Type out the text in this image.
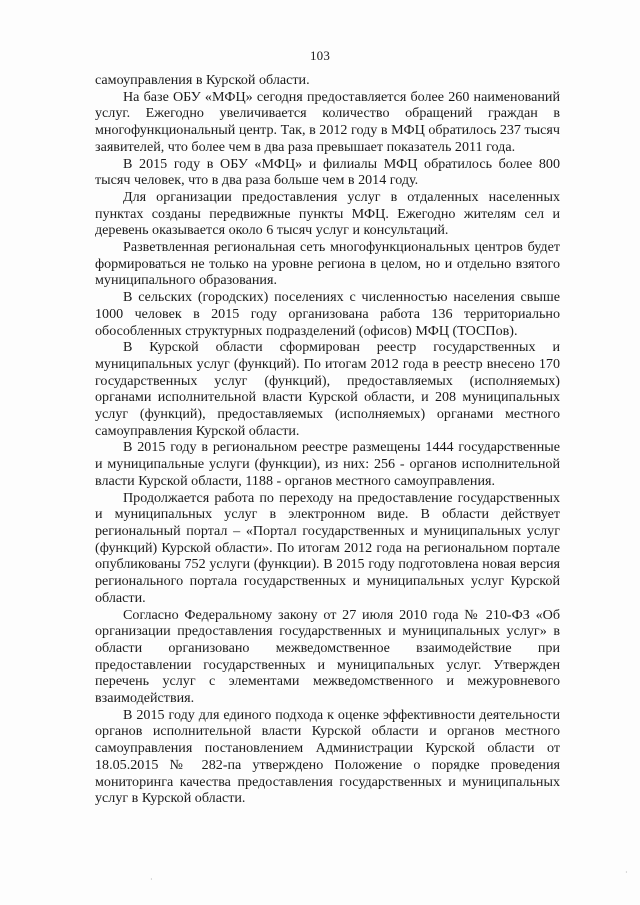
103

самоуправления в Курской области.

На базе ОБУ «МФЦ» сегодня предоставляется более 260 наименований услуг. Ежегодно увеличивается количество обращений граждан в многофункциональный центр. Так, в 2012 году в МФЦ обратилось 237 тысяч заявителей, что более чем в два раза превышает показатель 2011 года.

В 2015 году в ОБУ «МФЦ» и филиалы МФЦ обратилось более 800 тысяч человек, что в два раза больше чем в 2014 году.

Для организации предоставления услуг в отдаленных населенных пунктах созданы передвижные пункты МФЦ. Ежегодно жителям сел и деревень оказывается около 6 тысяч услуг и консультаций.

Разветвленная региональная сеть многофункциональных центров будет формироваться не только на уровне региона в целом, но и отдельно взятого муниципального образования.

В сельских (городских) поселениях с численностью населения свыше 1000 человек в 2015 году организована работа 136 территориально обособленных структурных подразделений (офисов) МФЦ (ТОСПов).

В Курской области сформирован реестр государственных и муниципальных услуг (функций). По итогам 2012 года в реестр внесено 170 государственных услуг (функций), предоставляемых (исполняемых) органами исполнительной власти Курской области, и 208 муниципальных услуг (функций), предоставляемых (исполняемых) органами местного самоуправления Курской области.

В 2015 году в региональном реестре размещены 1444 государственные и муниципальные услуги (функции), из них: 256 - органов исполнительной власти Курской области, 1188 - органов местного самоуправления.

Продолжается работа по переходу на предоставление государственных и муниципальных услуг в электронном виде. В области действует региональный портал – «Портал государственных и муниципальных услуг (функций) Курской области». По итогам 2012 года на региональном портале опубликованы 752 услуги (функции). В 2015 году подготовлена новая версия регионального портала государственных и муниципальных услуг Курской области.

Согласно Федеральному закону от 27 июля 2010 года № 210-ФЗ «Об организации предоставления государственных и муниципальных услуг» в области организовано межведомственное взаимодействие при предоставлении государственных и муниципальных услуг. Утвержден перечень услуг с элементами межведомственного и межуровневого взаимодействия.

В 2015 году для единого подхода к оценке эффективности деятельности органов исполнительной власти Курской области и органов местного самоуправления постановлением Администрации Курской области от 18.05.2015 № 282-па утверждено Положение о порядке проведения мониторинга качества предоставления государственных и муниципальных услуг в Курской области.

·
·
